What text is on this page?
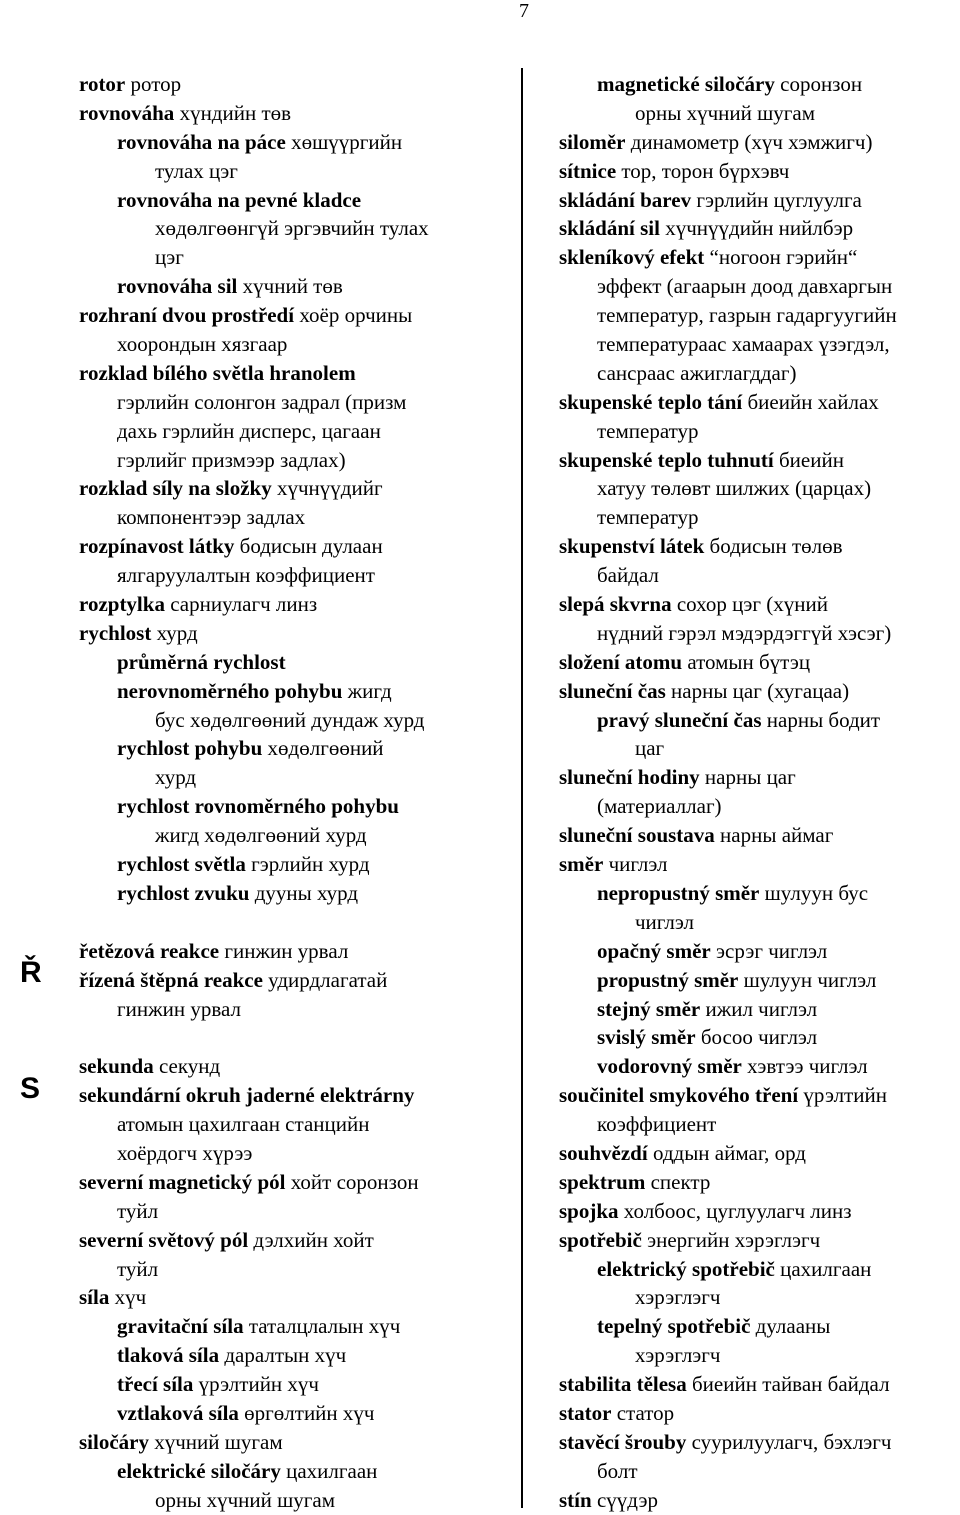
7
Ř
S
rotor ротор
rovnováha хүндийн төв
rovnováha na páce хөшүүргийн
тулах цэг
rovnováha na pevné kladce
хөдөлгөөнгүй эргэвчийн тулах
цэг
rovnováha sil хүчний төв
rozhraní dvou prostředí хоёр орчины
хоорондын хязгаар
rozklad bílého světla hranolem
гэрлийн солонгон задрал (призм
дахь гэрлийн дисперс, цагаан
гэрлийг призмээр задлах)
rozklad síly na složky хүчнүүдийг
компонентээр задлах
rozpínavost látky бодисын дулаан
ялгаруулалтын коэффициент
rozptylka сарниулагч линз
rychlost хурд
průměrná rychlost
nerovnoměrného pohybu жигд
бус хөдөлгөөний дундаж хурд
rychlost pohybu хөдөлгөөний
хурд
rychlost rovnoměrného pohybu
жигд хөдөлгөөний хурд
rychlost světla гэрлийн хурд
rychlost zvuku дууны хурд
řetězová reakce гинжин урвал
řízená štěpná reakce удирдлагатай
гинжин урвал
sekunda секунд
sekundární okruh jaderné elektrárny
атомын цахилгаан станцийн
хоёрдогч хүрээ
severní magnetický pól хойт соронзон
туйл
severní světový pól дэлхийн хойт
туйл
síla хүч
gravitační síla таталцлалын хүч
tlaková síla даралтын хүч
třecí síla үрэлтийн хүч
vztlaková síla өргөлтийн хүч
siločáry хүчний шугам
elektrické siločáry цахилгаан
орны хүчний шугам
magnetické siločáry соронзон
орны хүчний шугам
siloměr динамометр (хүч хэмжигч)
sítnice тор, торон бүрхэвч
skládání barev гэрлийн цуглуулга
skládání sil хүчнүүдийн нийлбэр
skleníkový efekt “ногоон гэрийн“
эффект (агаарын доод давхаргын
температур, газрын гадаргуугийн
температураас хамаарах үзэгдэл,
сансраас ажиглагддаг)
skupenské teplo tání биеийн хайлах
температур
skupenské teplo tuhnutí биеийн
хатуу төлөвт шилжих (царцах)
температур
skupenství látek бодисын төлөв
байдал
slepá skvrna сохор цэг (хүний
нүдний гэрэл мэдэрдэггүй хэсэг)
složení atomu атомын бүтэц
sluneční čas нарны цаг (хугацаа)
pravý sluneční čas нарны бодит
цаг
sluneční hodiny нарны цаг
(материаллаг)
sluneční soustava нарны аймаг
směr чиглэл
nepropustný směr шулуун бус
чиглэл
opačný směr эсрэг чиглэл
propustný směr шулуун чиглэл
stejný směr ижил чиглэл
svislý směr босоо чиглэл
vodorovný směr хэвтээ чиглэл
součinitel smykového tření үрэлтийн
коэффициент
souhvězdí оддын аймаг, орд
spektrum спектр
spojka холбоос, цуглуулагч линз
spotřebič энергийн хэрэглэгч
elektrický spotřebič цахилгаан
хэрэглэгч
tepelný spotřebič дулааны
хэрэглэгч
stabilita tělesa биеийн тайван байдал
stator статор
stavěcí šrouby суурилуулагч, бэхлэгч
болт
stín сүүдэр
